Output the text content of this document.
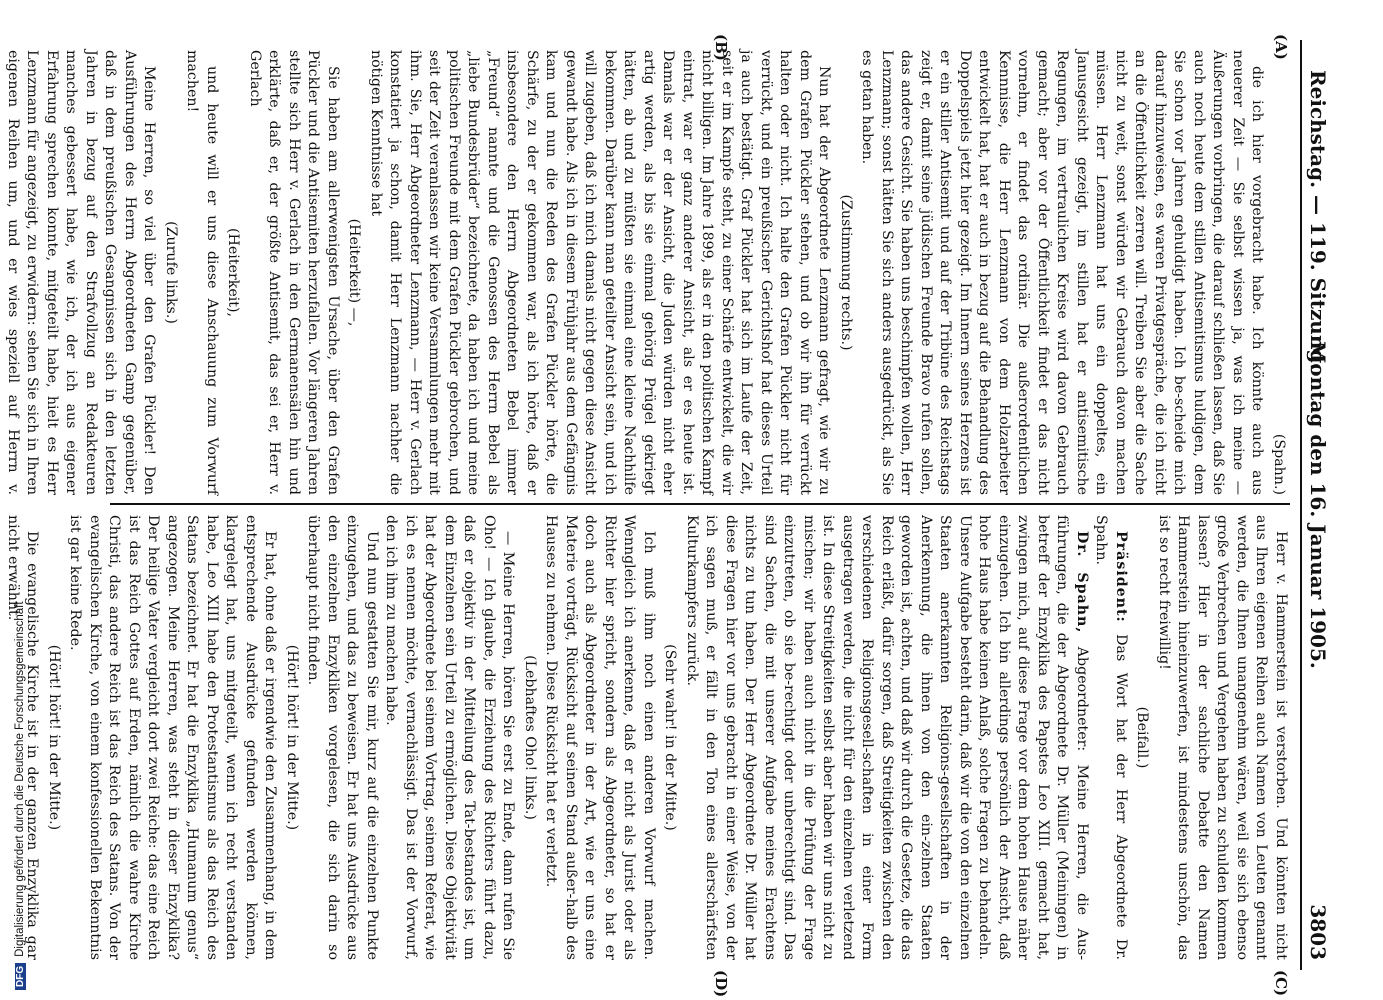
Reichstag. — 119. Sitzung.
Montag den 16. Januar 1905.
3803
(A)
(B)
(C)
(D)

(Spahn.)

die ich hier vorgebracht habe. Ich könnte auch aus neuerer Zeit — Sie selbst wissen ja, was ich meine — Äußerungen vorbringen, die darauf schließen lassen, daß Sie auch noch heute dem stillen Antisemitismus huldigen, dem Sie schon vor Jahren gehuldigt haben. Ich be-scheide mich darauf hinzuweisen, es waren Privatgespräche, die ich nicht an die Öffentlichkeit zerren will. Treiben Sie aber die Sache nicht zu weit, sonst würden wir Gebrauch davon machen müssen. Herr Lenzmann hat uns ein doppeltes, ein Janusgesicht gezeigt, im stillen hat er antisemitische Regungen, im vertraulichen Kreise wird davon Gebrauch gemacht; aber vor der Öffentlichkeit findet er das nicht vornehm, er findet das ordinär. Die außerordentlichen Kennnisse, die Herr Lenzmann von dem Holzarbeiter entwickelt hat, hat er auch in bezug auf die Behandlung des Doppelspiels jetzt hier gezeigt. Im Innern seines Herzens ist er ein stiller Antisemit und auf der Tribüne des Reichstags zeigt er, damit seine jüdischen Freunde Bravo rufen sollen, das andere Gesicht. Sie haben uns beschimpfen wollen, Herr Lenzmann; sonst hätten Sie sich anders ausgedrückt, als Sie es getan haben.

(Zustimmung rechts.)

Nun hat der Abgeordnete Lenzmann gefragt, wie wir zu dem Grafen Pückler stehen, und ob wir ihn für verrückt halten oder nicht. Ich halte den Grafen Pückler nicht für verrückt, und ein preußischer Gerichtshof hat dieses Urteil ja auch bestätigt. Graf Pückler hat sich im Laufe der Zeit, seit er im Kampfe steht, zu einer Schärfe entwickelt, die wir nicht billigen. Im Jahre 1899, als er in den politischen Kampf eintrat, war er ganz anderer Ansicht, als er es heute ist. Damals war er der Ansicht, die Juden würden nicht eher artig werden, als bis sie einmal gehörig Prügel gekriegt hätten, ab und zu müßten sie einmal eine kleine Nachhilfe bekommen. Darüber kann man geteilter Ansicht sein, und ich will zugeben, daß ich mich damals nicht gegen diese Ansicht gewandt habe. Als ich in diesem Frühjahr aus dem Gefängnis kam und nun die Reden des Grafen Pückler hörte, die Schärfe, zu der er gekommen war, als ich hörte, daß er insbesondere den Herrn Abgeordneten Bebel immer „Freund“ nannte und die Genossen des Herrn Bebel als „liebe Bundesbrüder“ bezeichnete, da haben ich und meine politischen Freunde mit dem Grafen Pückler gebrochen, und seit der Zeit veranlassen wir keine Versammlungen mehr mit ihm. Sie, Herr Abgeordneter Lenzmann, — Herr v. Gerlach konstatiert ja schon, damit Herr Lenzmann nachher die nötigen Kenntnisse hat

(Heiterkeit) —,

Sie haben am allerwenigsten Ursache, über den Grafen Pückler und die Antisemiten herzufallen. Vor längeren Jahren stellte sich Herr v. Gerlach in den Germanensälen hin und erklärte, daß er, der größte Antisemit, das sei er, Herr v. Gerlach

(Heiterkeit),

und heute will er uns diese Anschauung zum Vorwurf machen!

(Zurufe links.)

Meine Herren, so viel über den Grafen Pückler! Den Ausführungen des Herrn Abgeordneten Gamp gegenüber, daß in dem preußischen Gesangnissen sich in den letzten Jahren in bezug auf den Strafvollzug an Redakteuren manches gebessert habe, wie ich, der ich aus eigener Erfahrung sprechen konnte, mitgeteilt habe, hielt es Herr Lenzmann für angezeigt, zu erwidern: sehen Sie sich in Ihren eigenen Reihen um, und er wies speziell auf Herrn v.

Herr v. Hammerstein ist verstorben. Und könnten nicht aus Ihren eigenen Reihen auch Namen von Leuten genannt werden, die Ihnen unangenehm wären, weil sie sich ebenso große Verbrechen und Vergehen haben zu schulden kommen lassen? Hier in der sachliche Debatte den Namen Hammerstein hineinzuwerfen, ist mindestens unschön, das ist so recht freiwillig!

(Beifall.)

Präsident: Das Wort hat der Herr Abgeordnete Dr. Spahn.

Dr. Spahn, Abgeordneter: Meine Herren, die Aus-führungen, die der Abgeordnete Dr. Müller (Meiningen) in betreff der Enzyklika des Papstes Leo XIII. gemacht hat, zwingen mich, auf diese Frage vor dem hohen Hause näher einzugehen. Ich bin allerdings persönlich der Ansicht, daß hohe Haus habe keinen Anlaß, solche Fragen zu behandeln. Unsere Aufgabe besteht darin, daß wir die von den einzelnen Staaten anerkannten Religions-gesellschaften in der Anerkennung, die ihnen von den ein-zelnen Staaten geworden ist, achten, und daß wir durch die Gesetze, die das Reich erläßt, dafür sorgen, daß Streitigkeiten zwischen den verschiedenen Religionsgesell-schaften in einer Form ausgetragen werden, die nicht für den einzelnen verletzend ist. In diese Streitigkeiten selbst aber haben wir uns nicht zu mischen; wir haben auch nicht in die Prüfung der Frage einzutreten, ob sie be-rechtigt oder unberechtigt sind. Das sind Sachen, die mit unserer Aufgabe meines Erachtens nichts zu tun haben. Der Herr Abgeordnete Dr. Müller hat diese Fragen hier vor uns gebracht in einer Weise, von der ich sagen muß, er fällt in den Ton eines allerschärfsten Kulturkampfers zurück.

(Sehr wahr! in der Mitte.)

Ich muß ihm noch einen anderen Vorwurf machen. Wenngleich ich anerkenne, daß er nicht als Jurist oder als Richter hier spricht, sondern als Abgeordneter, so hat er doch auch als Abgeordneter in der Art, wie er uns eine Materie vorträgt, Rücksicht auf seinen Stand außer-halb des Hauses zu nehmen. Diese Rücksicht hat er verletzt.

(Lebhaftes Oho! links.)

— Meine Herren, hören Sie erst zu Ende, dann rufen Sie Oho! — Ich glaube, die Erziehung des Richters führt dazu, daß er objektiv in der Mitteilung des Tat-bestandes ist, um dem Einzelnen sein Urteil zu ermöglichen. Diese Objektivität hat der Abgeordnete bei seinem Vortrag, seinem Referat, wie ich es nennen möchte, vernachlässigt. Das ist der Vorwurf, den ich ihm zu machen habe.

Und nun gestatten Sie mir, kurz auf die einzelnen Punkte einzugehen, und das zu beweisen. Er hat uns Ausdrücke aus den einzelnen Enzykliken vorgelesen, die sich darin so überhaupt nicht finden.

(Hört! hört! in der Mitte.)

Er hat, ohne daß er irgendwie den Zusammenhang, in dem entsprechende Ausdrücke gefunden werden können, klargelegt hat, uns mitgeteilt, wenn ich recht verstanden habe, Leo XIII habe den Protestantismus als das Reich des Satans bezeichnet. Er hat die Enzyklika „Humanum genus“ angezogen. Meine Herren, was steht in dieser Enzyklika? Der heilige Vater vergleicht dort zwei Reiche: das eine Reich ist das Reich Gottes auf Erden, nämlich die wahre Kirche Christi, das andere Reich ist das Reich des Satans. Von der evangelischen Kirche, von einem konfessionellen Bekenntnis ist gar keine Rede.

(Hört! hört! in der Mitte.)

Die evangelische Kirche ist in der ganzen Enzyklika gar nicht erwähnt.

DFGDigitalisierung gefördert durch die Deutsche Forschungsgemeinschaft
